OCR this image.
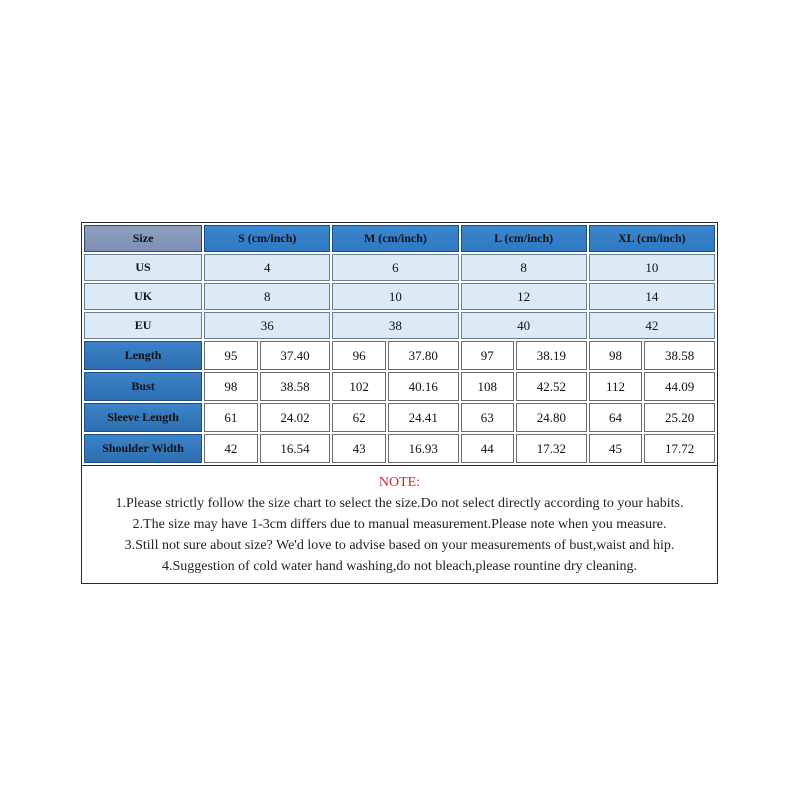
Size	S (cm/inch)		M (cm/inch)		L (cm/inch)		XL (cm/inch)	
US	4		6		8		10	
UK	8		10		12		14	
EU	36		38		40		42	
Length	95	37.40	96	37.80	97	38.19	98	38.58
Bust	98	38.58	102	40.16	108	42.52	112	44.09
Sleeve Length	61	24.02	62	24.41	63	24.80	64	25.20
Shoulder Width	42	16.54	43	16.93	44	17.32	45	17.72
NOTE:
1.Please strictly follow the size chart to select the size.Do not select directly according to your habits.
2.The size may have 1-3cm differs due to manual measurement.Please note when you measure.
3.Still not sure about size? We'd love to advise based on your measurements of bust,waist and hip.
4.Suggestion of cold water hand washing,do not bleach,please rountine dry cleaning.
